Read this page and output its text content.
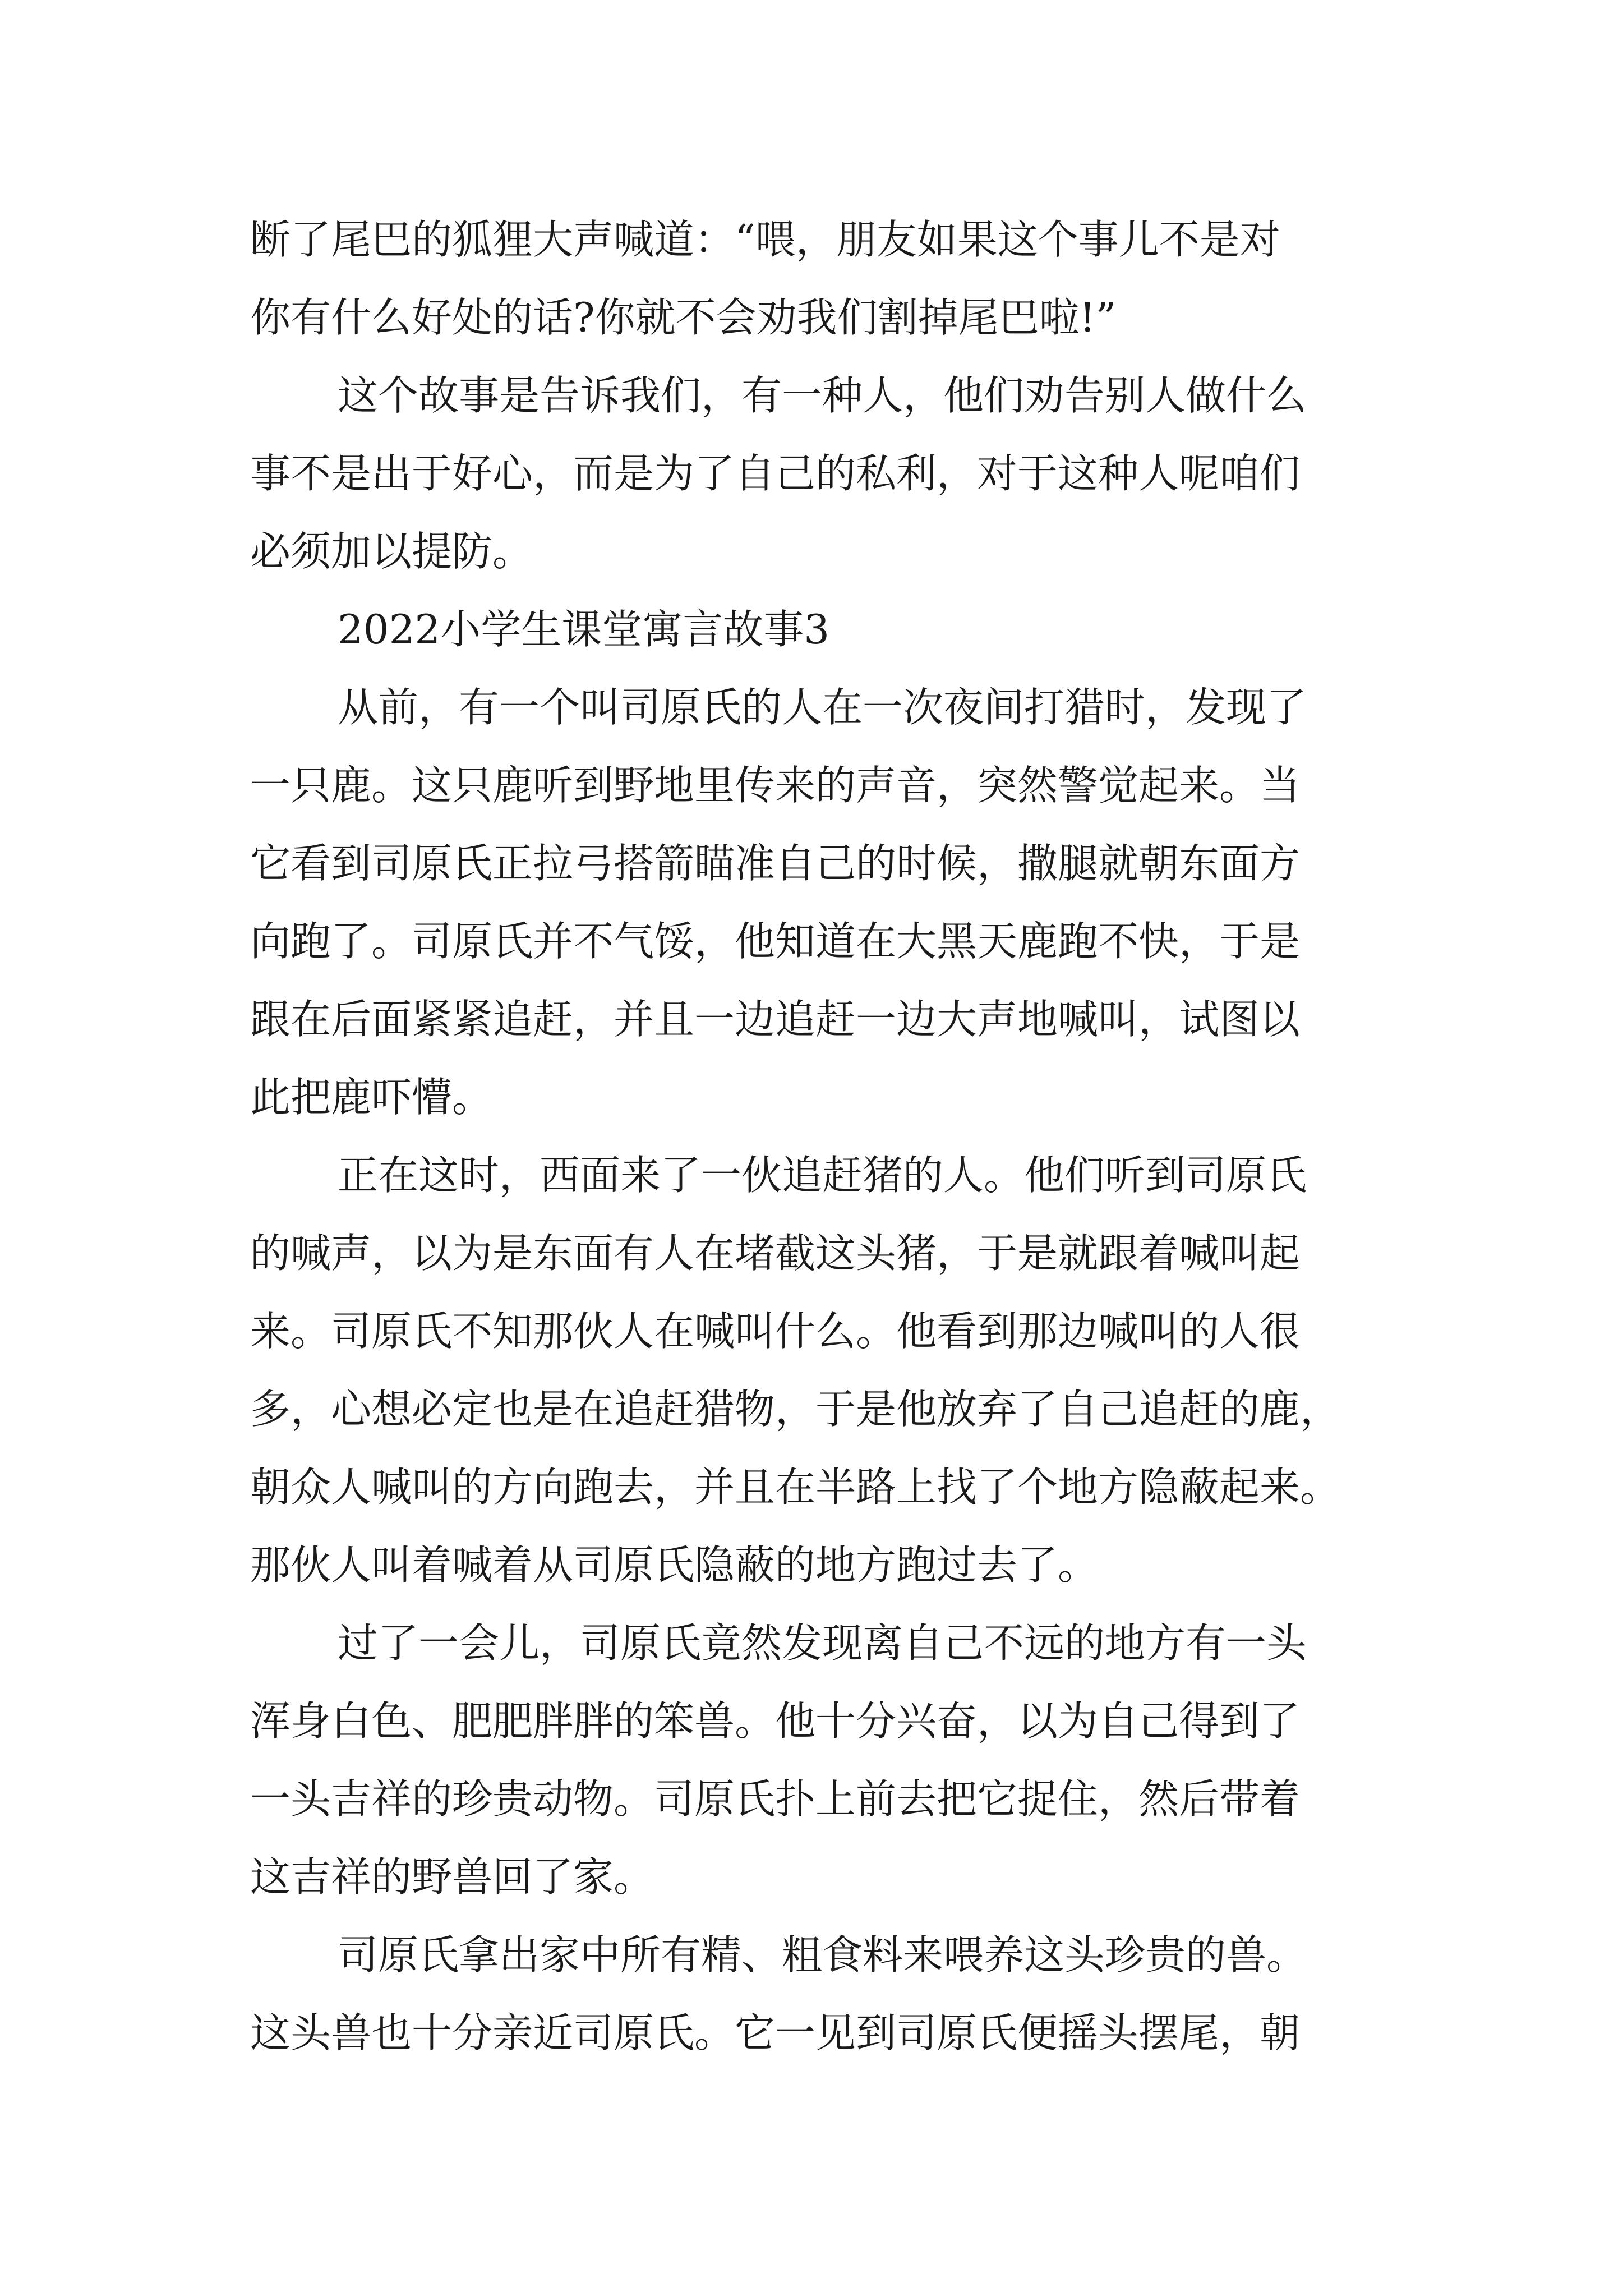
断了尾巴的狐狸大声喊道：“喂，朋友如果这个事儿不是对

你有什么好处的话?你就不会劝我们割掉尾巴啦!”

这个故事是告诉我们，有一种人，他们劝告别人做什么

事不是出于好心，而是为了自己的私利，对于这种人呢咱们

必须加以提防。

2022小学生课堂寓言故事3

从前，有一个叫司原氏的人在一次夜间打猎时，发现了

一只鹿。这只鹿听到野地里传来的声音，突然警觉起来。当

它看到司原氏正拉弓搭箭瞄准自己的时候，撒腿就朝东面方

向跑了。司原氏并不气馁，他知道在大黑天鹿跑不快，于是

跟在后面紧紧追赶，并且一边追赶一边大声地喊叫，试图以

此把鹿吓懵。

正在这时，西面来了一伙追赶猪的人。他们听到司原氏

的喊声，以为是东面有人在堵截这头猪，于是就跟着喊叫起

来。司原氏不知那伙人在喊叫什么。他看到那边喊叫的人很

多，心想必定也是在追赶猎物，于是他放弃了自己追赶的鹿，

朝众人喊叫的方向跑去，并且在半路上找了个地方隐蔽起来。

那伙人叫着喊着从司原氏隐蔽的地方跑过去了。

过了一会儿，司原氏竟然发现离自己不远的地方有一头

浑身白色、肥肥胖胖的笨兽。他十分兴奋，以为自己得到了

一头吉祥的珍贵动物。司原氏扑上前去把它捉住，然后带着

这吉祥的野兽回了家。

司原氏拿出家中所有精、粗食料来喂养这头珍贵的兽。

这头兽也十分亲近司原氏。它一见到司原氏便摇头摆尾，朝
